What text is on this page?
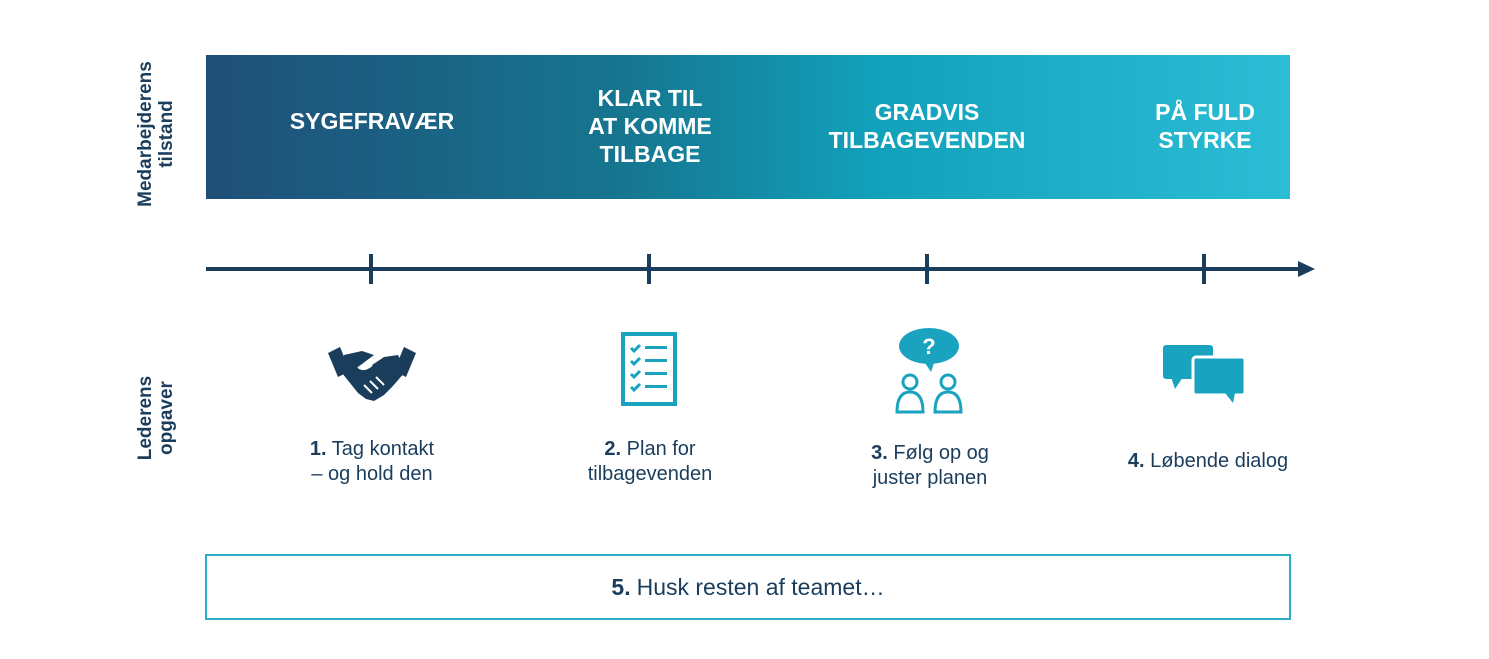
Medarbejderens tilstand
Lederens opgaver
SYGEFRAVÆR
KLAR TIL
AT KOMME
TILBAGE
GRADVIS
TILBAGEVENDEN
PÅ FULD
STYRKE
?
1. Tag kontakt
– og hold den
2. Plan for
tilbagevenden
3. Følg op og
juster planen
4. Løbende dialog
5. Husk resten af teamet…
